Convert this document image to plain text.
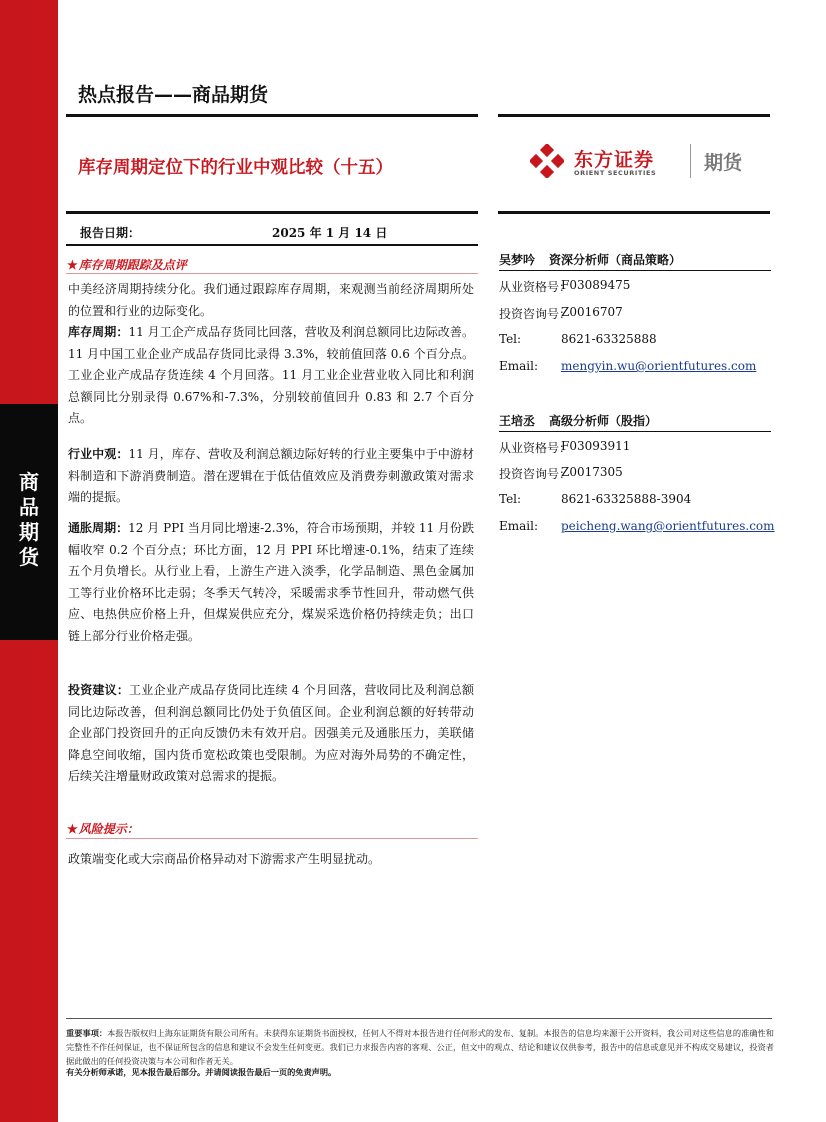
商
品
期
货
热点报告——商品期货
库存周期定位下的行业中观比较（十五）	东方证券
ORIENT SECURITIES	期货
报告日期：	2025 年 1 月 14 日
★库存周期跟踪及点评
中美经济周期持续分化。我们通过跟踪库存周期，来观测当前经济周期所处的位置和行业的边际变化。
库存周期：11 月工企产成品存货同比回落，营收及利润总额同比边际改善。11 月中国工业企业产成品存货同比录得 3.3%，较前值回落 0.6 个百分点。工业企业产成品存货连续 4 个月回落。11 月工业企业营业收入同比和利润总额同比分别录得 0.67%和-7.3%，分别较前值回升 0.83 和 2.7 个百分点。
行业中观：11 月，库存、营收及利润总额边际好转的行业主要集中于中游材料制造和下游消费制造。潜在逻辑在于低估值效应及消费券刺激政策对需求端的提振。
通胀周期：12 月 PPI 当月同比增速-2.3%，符合市场预期，并较 11 月份跌幅收窄 0.2 个百分点；环比方面，12 月 PPI 环比增速-0.1%，结束了连续五个月负增长。从行业上看，上游生产进入淡季，化学品制造、黑色金属加工等行业价格环比走弱；冬季天气转冷，采暖需求季节性回升，带动燃气供应、电热供应价格上升，但煤炭供应充分，煤炭采选价格仍持续走负；出口链上部分行业价格走强。
投资建议：工业企业产成品存货同比连续 4 个月回落，营收同比及利润总额同比边际改善，但利润总额同比仍处于负值区间。企业利润总额的好转带动企业部门投资回升的正向反馈仍未有效开启。因强美元及通胀压力，美联储降息空间收缩，国内货币宽松政策也受限制。为应对海外局势的不确定性，后续关注增量财政政策对总需求的提振。
★风险提示：
政策端变化或大宗商品价格异动对下游需求产生明显扰动。
吴梦吟 资深分析师（商品策略）
从业资格号：
F03089475
投资咨询号：
Z0016707
Tel:	8621-63325888
Email: mengyin.wu@orientfutures.com
王培丞 高级分析师（股指）
从业资格号：
F03093911
投资咨询号：
Z0017305
Tel:	8621-63325888-3904
Email: peicheng.wang@orientfutures.com
重要事项：本报告版权归上海东证期货有限公司所有。未获得东证期货书面授权，任何人不得对本报告进行任何形式的发布、复制。本报告的信息均来源于公开资料，我公司对这些信息的准确性和完整性不作任何保证，也不保证所包含的信息和建议不会发生任何变更。我们已力求报告内容的客观、公正，但文中的观点、结论和建议仅供参考，报告中的信息或意见并不构成交易建议，投资者据此做出的任何投资决策与本公司和作者无关。
有关分析师承诺，见本报告最后部分。并请阅读报告最后一页的免责声明。
